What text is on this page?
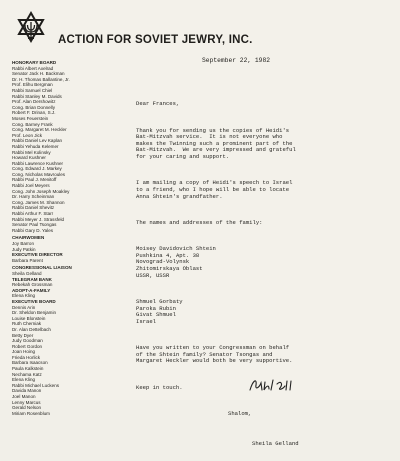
ACTION FOR SOVIET JEWRY, INC.
HONORARY BOARD
Rabbi Albert Axelrad
Senator Jack H. Backman
Dr. H. Thomas Ballantine, Jr.
Prof. Elihu Bergman
Rabbi Samuel Chiel
Rabbi Stanley M. Davids
Prof. Alan Dershowitz
Cong. Brian Donnelly
Robert F. Drinan, S.J.
Moses Feuerstein
Cong. Barney Frank
Cong. Margaret M. Heckler
Prof. Leon Jick
Rabbi Daniel Lev Kaplan
Rabbi Yehuda Kelemer
Rabbi Mel Kolinsky
Howard Kushner
Rabbi Lawrence Kushner
Cong. Edward J. Markey
Cong. Nicholas Mavroules
Rabbi Paul J. Menitoff
Rabbi Joel Meyers
Cong. John Joseph Moakley
Dr. Harry Scheinman
Cong. James M. Shannon
Rabbi Daniel Shevitz
Rabbi Arthur F. Starr
Rabbi Meyer J. Strassfeld
Senator Paul Tsongas
Rabbi Gary D. Yales
CHAIRWOMEN
Joy Barron
Judy Patkin
EXECUTIVE DIRECTOR
Barbara Parent
CONGRESSIONAL LIAISON
Sheila Gelland
TELEGRAM BANK
Rebekah Grossman
ADOPT-A-FAMILY
Elena Kling
EXECUTIVE BOARD
Dennis Arin
Dr. Sheldon Benjamin
Louise Blonstein
Ruth Cherniak
Dr. Alan Dettelbach
Betty Dyer
Judy Goodman
Robert Gordon
Joan Hoing
Frieda Horlick
Barbara Isaacson
Paula Kalkstein
Nechama Katz
Elena Kling
Rabbi Michael Luckens
Davida Manon
Joel Manon
Lenny Marcus
Gerald Nelson
Miriam Rosenblum
September 22, 1982

Dear Frances,

Thank you for sending us the copies of Heidi's
Bat-Mitzvah service.  It is not everyone who
makes the Twinning such a prominent part of the
Bat-Mitzvah.  We are very impressed and grateful
for your caring and support.

I am mailing a copy of Heidi's speech to Israel
to a friend, who I hope will be able to locate
Anna Shtein's grandfather.

The names and addresses of the family:

Moisey Davidovich Shtein
Pushkina 4, Apt. 38
Novograd-Volynsk
Zhitomirskaya Oblast
USSR, USSR

Shmuel Gorbaty
Paroka Rubin
Givat Shmuel
Israel

Have you written to your Congressman on behalf
of the Shtein family? Senator Tsongas and
Margaret Heckler would both be very supportive.

Keep in touch.

Shalom,

Sheila Gelland
